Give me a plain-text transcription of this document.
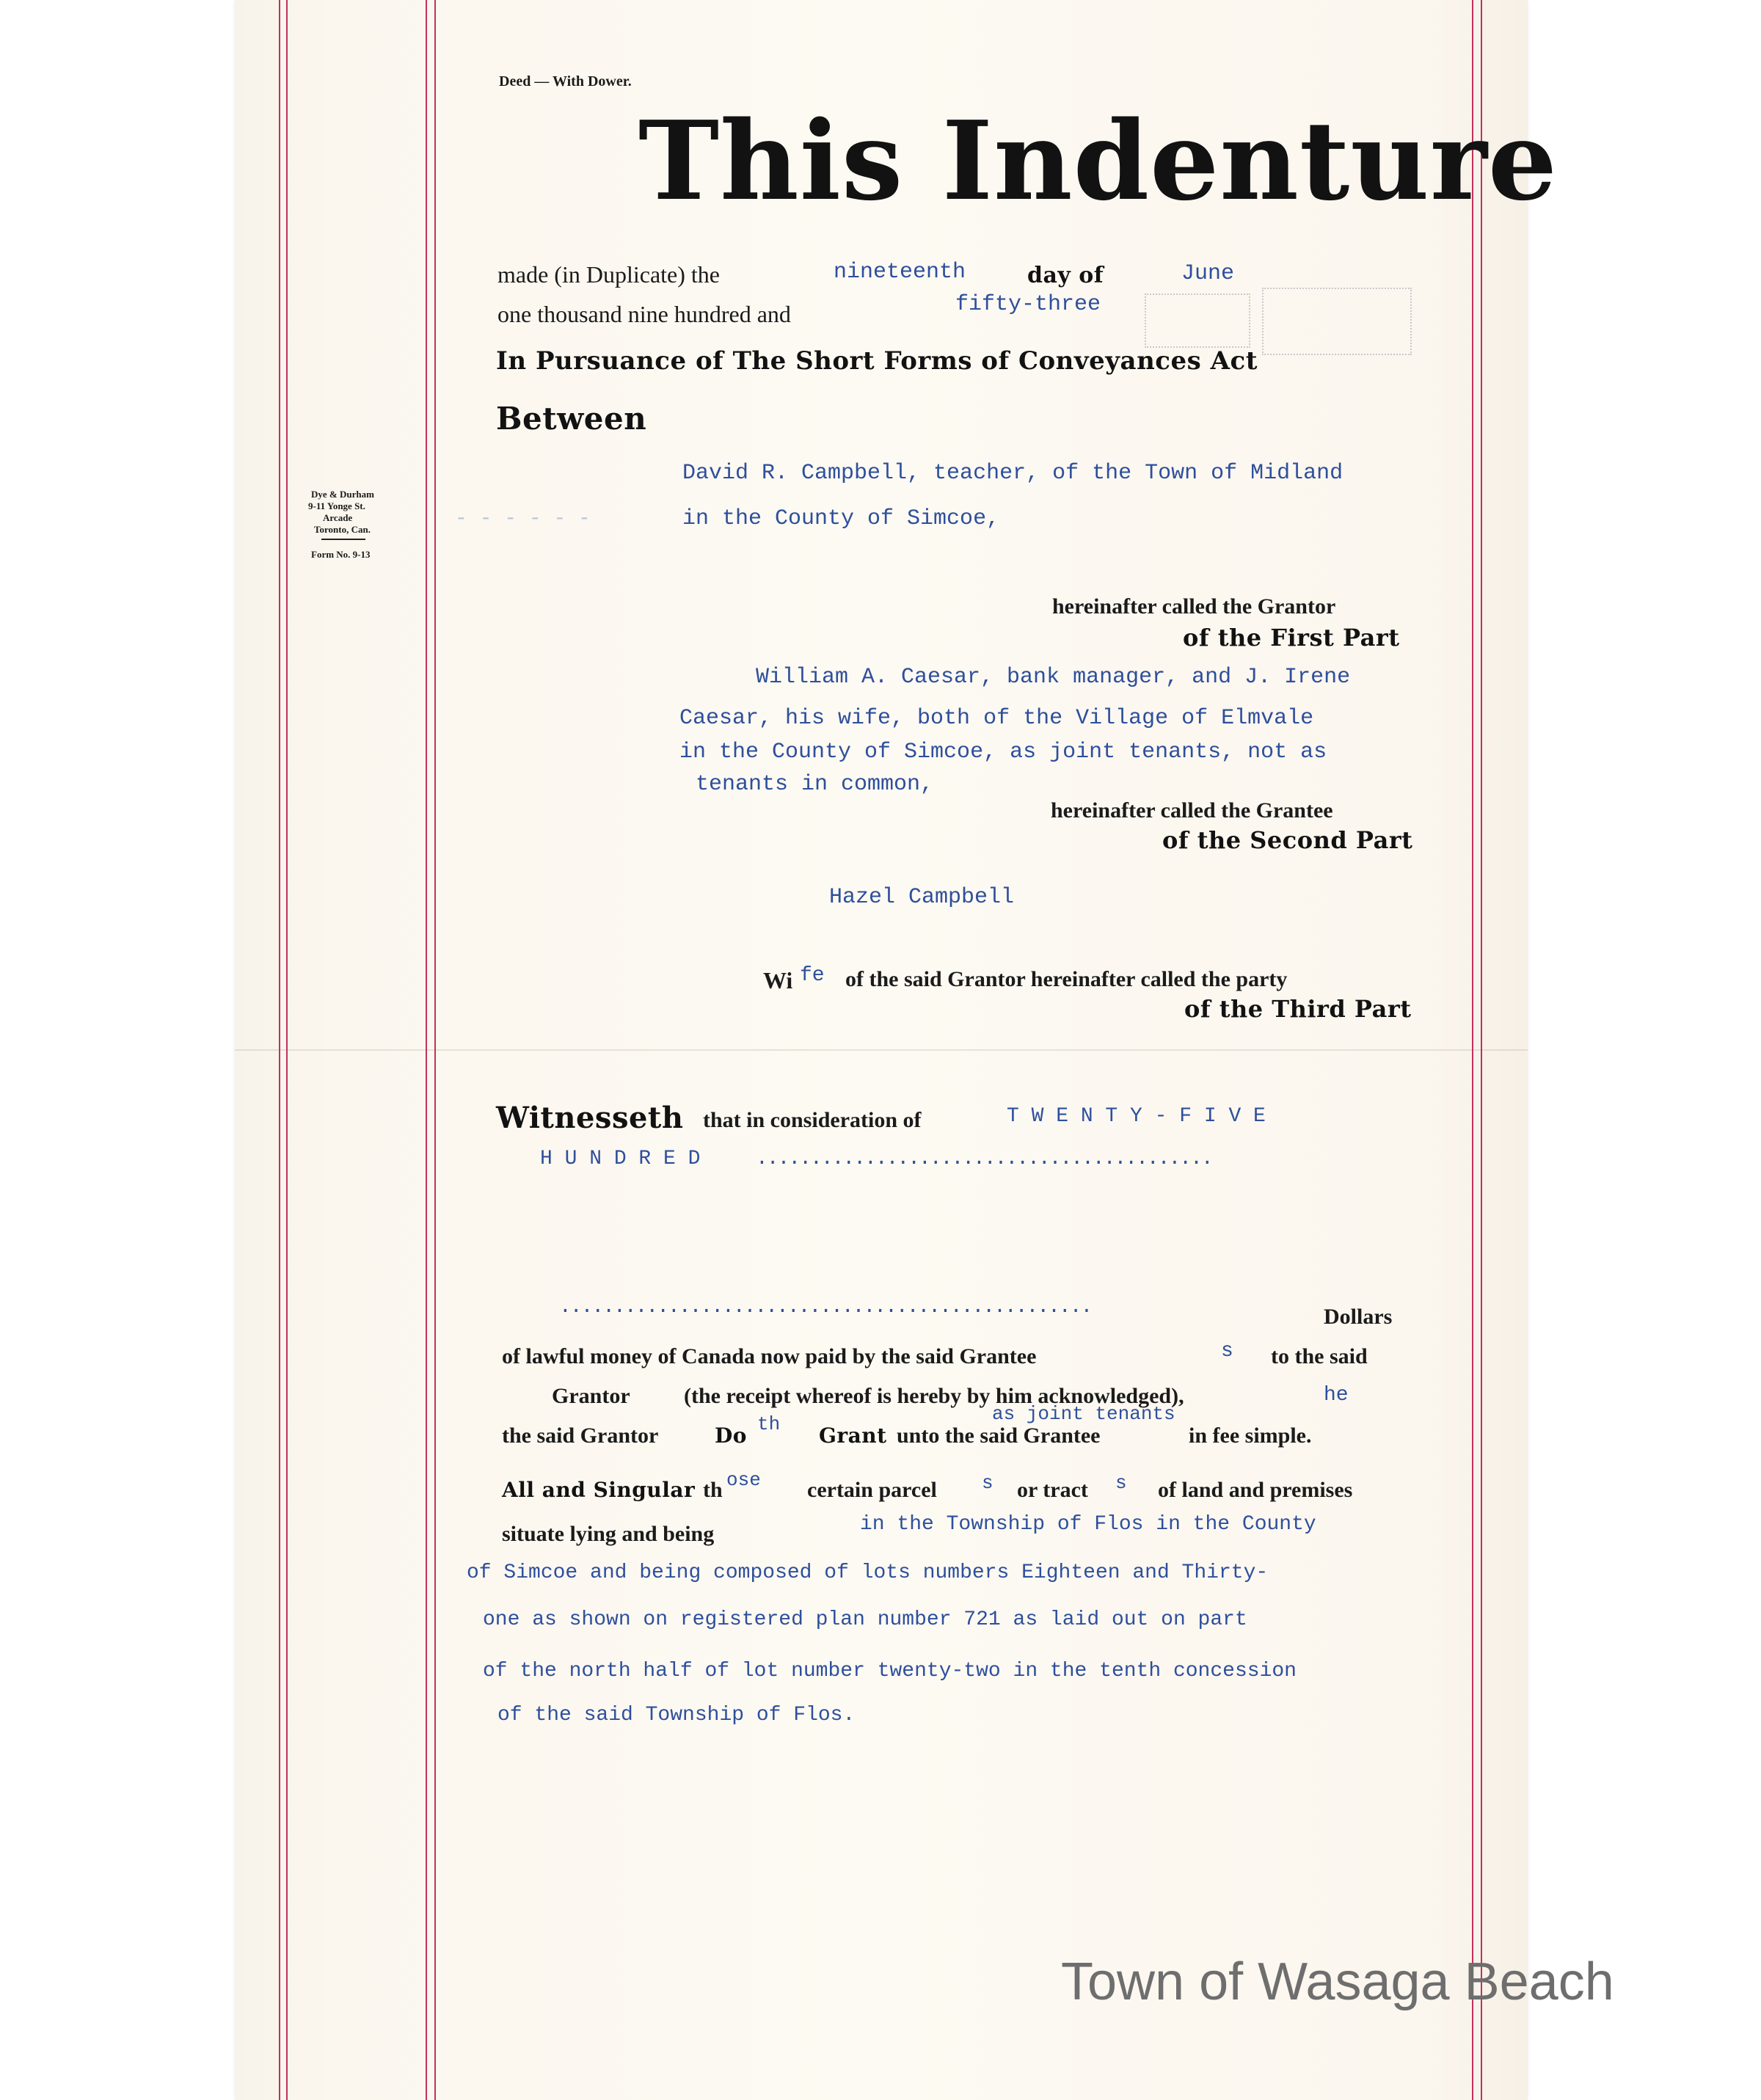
Deed — With Dower.
This Indenture
Dye & Durham
9-11 Yonge St.
Arcade
Toronto, Can.
Form No. 9-13
made (in Duplicate) the	nineteenth	day of	June
one thousand nine hundred and	fifty-three
In Pursuance of The Short Forms of Conveyances Act
Between
David R. Campbell, teacher, of the Town of Midland
- - - - - -	in the County of Simcoe,
hereinafter called the Grantor
of the First Part
William A. Caesar, bank manager, and J. Irene
Caesar, his wife, both of the Village of Elmvale
in the County of Simcoe, as joint tenants, not as
tenants in common,
hereinafter called the Grantee
of the Second Part
Hazel Campbell
Wi fe of the said Grantor hereinafter called the party
of the Third Part
Witnesseth that in consideration of	T W E N T Y - F I V E
H U N D R E D	..........................................
.................................................	Dollars
of lawful money of Canada now paid by the said Grantee	s to the said
Grantor (the receipt whereof is hereby by him acknowledged),	he
as joint tenants
the said Grantor	Do th Grant unto the said Grantee	in fee simple.
All and Singular th ose certain parcel s or tract s of land and premises
situate lying and being	in the Township of Flos in the County
of Simcoe and being composed of lots numbers Eighteen and Thirty-
one as shown on registered plan number 721 as laid out on part
of the north half of lot number twenty-two in the tenth concession
of the said Township of Flos.
Town of Wasaga Beach
